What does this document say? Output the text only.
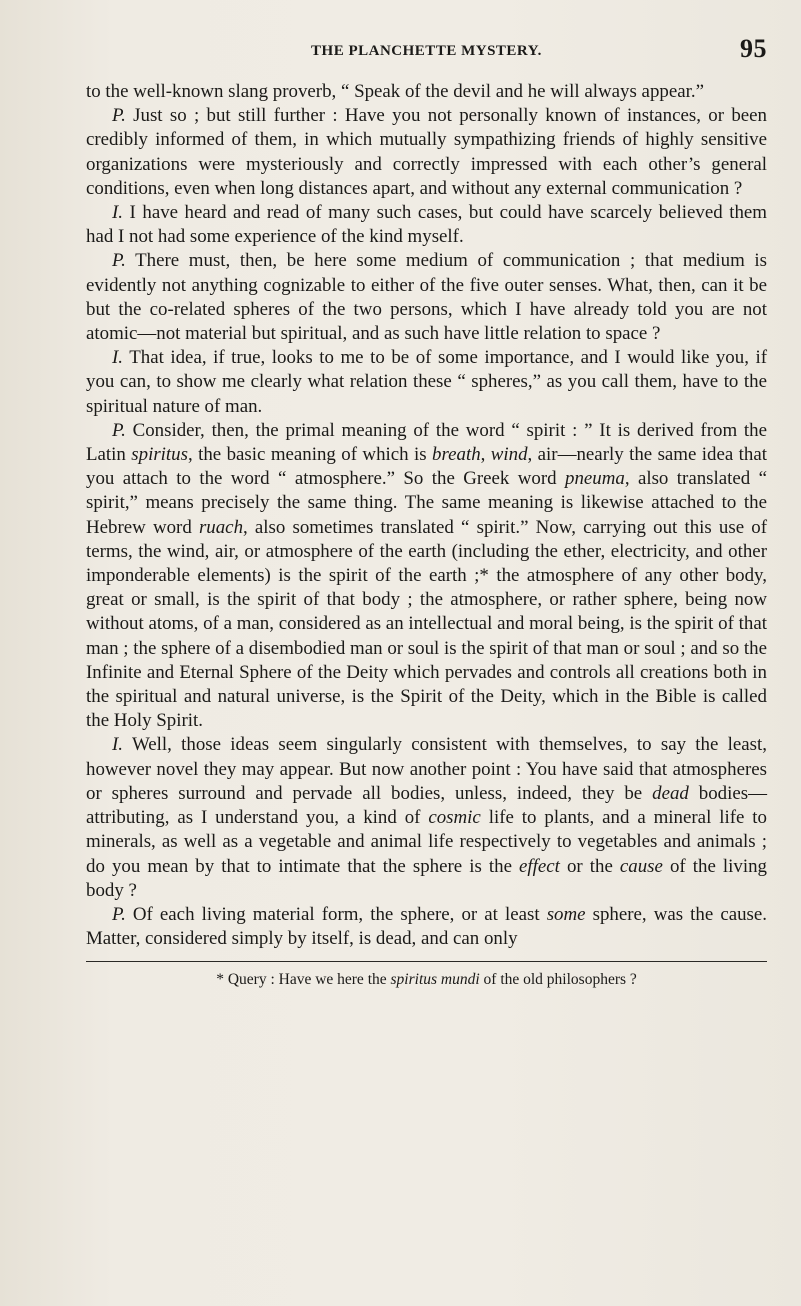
THE PLANCHETTE MYSTERY.	95

to the well-known slang proverb, “ Speak of the devil and he will always appear.”

P. Just so ; but still further : Have you not personally known of instances, or been credibly informed of them, in which mutually sympathizing friends of highly sensitive organizations were mysteriously and correctly impressed with each other’s general conditions, even when long distances apart, and without any external communication ?

I. I have heard and read of many such cases, but could have scarcely believed them had I not had some experience of the kind myself.

P. There must, then, be here some medium of communication ; that medium is evidently not anything cognizable to either of the five outer senses. What, then, can it be but the co-related spheres of the two persons, which I have already told you are not atomic—not material but spiritual, and as such have little relation to space ?

I. That idea, if true, looks to me to be of some importance, and I would like you, if you can, to show me clearly what relation these “ spheres,” as you call them, have to the spiritual nature of man.

P. Consider, then, the primal meaning of the word “ spirit : ” It is derived from the Latin spiritus, the basic meaning of which is breath, wind, air—nearly the same idea that you attach to the word “ atmosphere.” So the Greek word pneuma, also translated “ spirit,” means precisely the same thing. The same meaning is likewise attached to the Hebrew word ruach, also sometimes translated “ spirit.” Now, carrying out this use of terms, the wind, air, or atmosphere of the earth (including the ether, electricity, and other imponderable elements) is the spirit of the earth ;* the atmosphere of any other body, great or small, is the spirit of that body ; the atmosphere, or rather sphere, being now without atoms, of a man, considered as an intellectual and moral being, is the spirit of that man ; the sphere of a disembodied man or soul is the spirit of that man or soul ; and so the Infinite and Eternal Sphere of the Deity which pervades and controls all creations both in the spiritual and natural universe, is the Spirit of the Deity, which in the Bible is called the Holy Spirit.

I. Well, those ideas seem singularly consistent with themselves, to say the least, however novel they may appear. But now another point : You have said that atmospheres or spheres surround and pervade all bodies, unless, indeed, they be dead bodies—attributing, as I understand you, a kind of cosmic life to plants, and a mineral life to minerals, as well as a vegetable and animal life respectively to vegetables and animals ; do you mean by that to intimate that the sphere is the effect or the cause of the living body ?

P. Of each living material form, the sphere, or at least some sphere, was the cause. Matter, considered simply by itself, is dead, and can only

* Query : Have we here the spiritus mundi of the old philosophers ?
